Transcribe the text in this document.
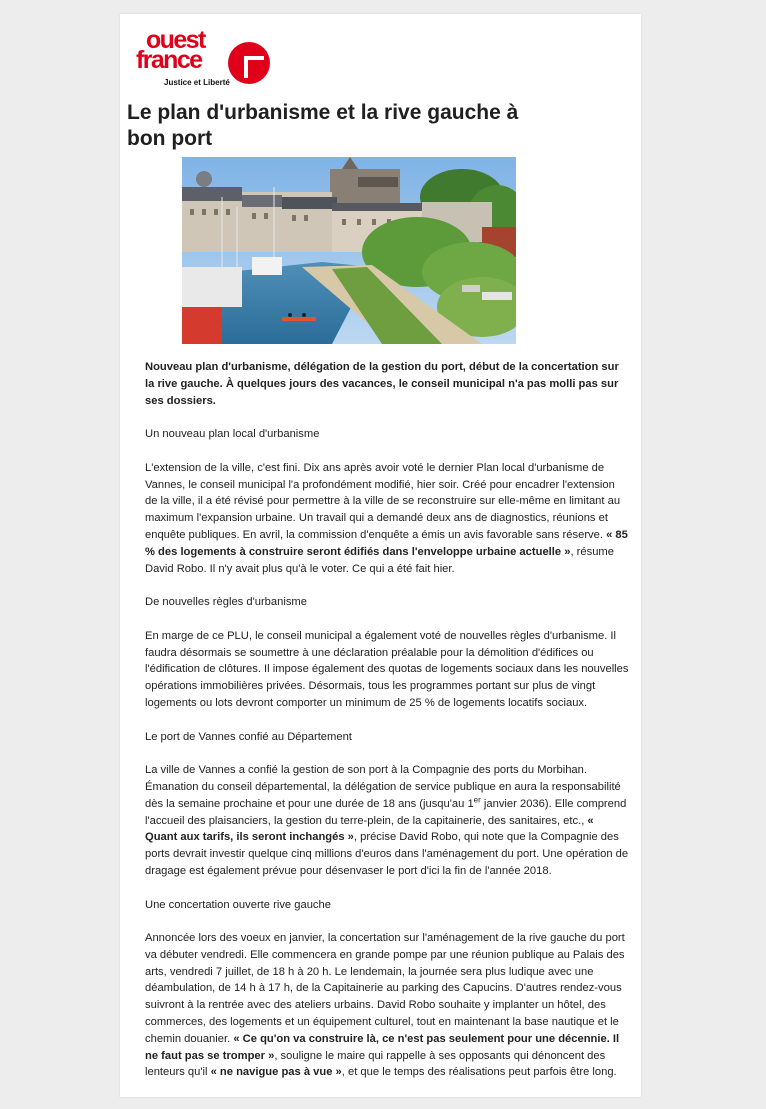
ouest
france
Justice et Liberté
Le plan d'urbanisme et la rive gauche à bon port

Nouveau plan d'urbanisme, délégation de la gestion du port, début de la concertation sur la rive gauche. À quelques jours des vacances, le conseil municipal n'a pas molli pas sur ses dossiers.

Un nouveau plan local d'urbanisme

L'extension de la ville, c'est fini. Dix ans après avoir voté le dernier Plan local d'urbanisme de Vannes, le conseil municipal l'a profondément modifié, hier soir. Créé pour encadrer l'extension de la ville, il a été révisé pour permettre à la ville de se reconstruire sur elle-même en limitant au maximum l'expansion urbaine. Un travail qui a demandé deux ans de diagnostics, réunions et enquête publiques. En avril, la commission d'enquête a émis un avis favorable sans réserve. « 85 % des logements à construire seront édifiés dans l'enveloppe urbaine actuelle », résume David Robo. Il n'y avait plus qu'à le voter. Ce qui a été fait hier.

De nouvelles règles d'urbanisme

En marge de ce PLU, le conseil municipal a également voté de nouvelles règles d'urbanisme. Il faudra désormais se soumettre à une déclaration préalable pour la démolition d'édifices ou l'édification de clôtures. Il impose également des quotas de logements sociaux dans les nouvelles opérations immobilières privées. Désormais, tous les programmes portant sur plus de vingt logements ou lots devront comporter un minimum de 25 % de logements locatifs sociaux.

Le port de Vannes confié au Département

La ville de Vannes a confié la gestion de son port à la Compagnie des ports du Morbihan. Émanation du conseil départemental, la délégation de service publique en aura la responsabilité dès la semaine prochaine et pour une durée de 18 ans (jusqu'au 1er janvier 2036). Elle comprend l'accueil des plaisanciers, la gestion du terre-plein, de la capitainerie, des sanitaires, etc., « Quant aux tarifs, ils seront inchangés », précise David Robo, qui note que la Compagnie des ports devrait investir quelque cinq millions d'euros dans l'aménagement du port. Une opération de dragage est également prévue pour désenvaser le port d'ici la fin de l'année 2018.

Une concertation ouverte rive gauche

Annoncée lors des voeux en janvier, la concertation sur l'aménagement de la rive gauche du port va débuter vendredi. Elle commencera en grande pompe par une réunion publique au Palais des arts, vendredi 7 juillet, de 18 h à 20 h. Le lendemain, la journée sera plus ludique avec une déambulation, de 14 h à 17 h, de la Capitainerie au parking des Capucins. D'autres rendez-vous suivront à la rentrée avec des ateliers urbains. David Robo souhaite y implanter un hôtel, des commerces, des logements et un équipement culturel, tout en maintenant la base nautique et le chemin douanier. « Ce qu'on va construire là, ce n'est pas seulement pour une décennie. Il ne faut pas se tromper », souligne le maire qui rappelle à ses opposants qui dénoncent des lenteurs qu'il « ne navigue pas à vue », et que le temps des réalisations peut parfois être long.
